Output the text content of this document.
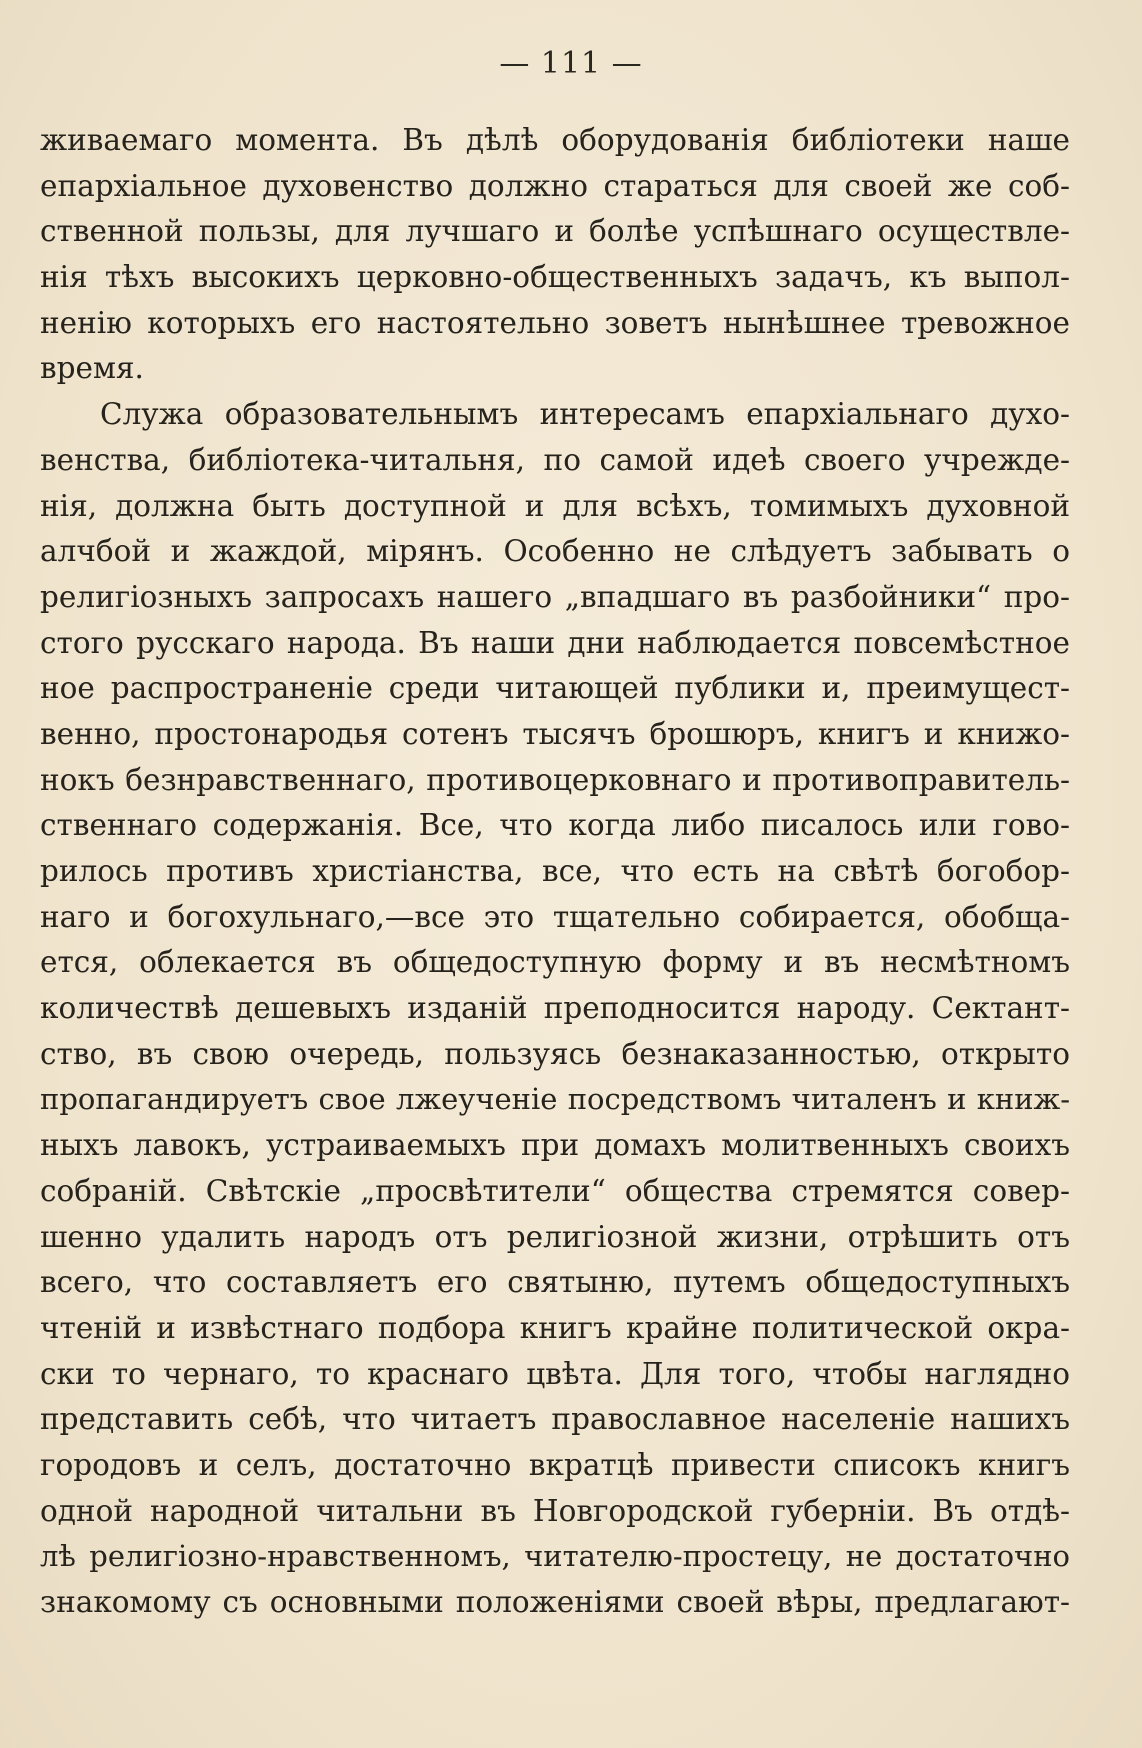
— 111 —
живаемаго момента. Въ дѣлѣ оборудованія библіотеки наше
епархіальное духовенство должно стараться для своей же соб-
ственной пользы, для лучшаго и болѣе успѣшнаго осуществле-
нія тѣхъ высокихъ церковно-общественныхъ задачъ, къ выпол-
ненію которыхъ его настоятельно зоветъ нынѣшнее тревожное
время.
Служа образовательнымъ интересамъ епархіальнаго духо-
венства, библіотека-читальня, по самой идеѣ своего учрежде-
нія, должна быть доступной и для всѣхъ, томимыхъ духовной
алчбой и жаждой, мірянъ. Особенно не слѣдуетъ забывать о
религіозныхъ запросахъ нашего „впадшаго въ разбойники“ про-
стого русскаго народа. Въ наши дни наблюдается повсемѣстное
ное распространеніе среди читающей публики и, преимущест-
венно, простонародья сотенъ тысячъ брошюръ, книгъ и книжо-
нокъ безнравственнаго, противоцерковнаго и противоправитель-
ственнаго содержанія. Все, что когда либо писалось или гово-
рилось противъ христіанства, все, что есть на свѣтѣ богобор-
наго и богохульнаго,—все это тщательно собирается, обобща-
ется, облекается въ общедоступную форму и въ несмѣтномъ
количествѣ дешевыхъ изданій преподносится народу. Сектант-
ство, въ свою очередь, пользуясь безнаказанностью, открыто
пропагандируетъ свое лжеученіе посредствомъ читаленъ и книж-
ныхъ лавокъ, устраиваемыхъ при домахъ молитвенныхъ своихъ
собраній. Свѣтскіе „просвѣтители“ общества стремятся совер-
шенно удалить народъ отъ религіозной жизни, отрѣшить отъ
всего, что составляетъ его святыню, путемъ общедоступныхъ
чтеній и извѣстнаго подбора книгъ крайне политической окра-
ски то чернаго, то краснаго цвѣта. Для того, чтобы наглядно
представить себѣ, что читаетъ православное населеніе нашихъ
городовъ и селъ, достаточно вкратцѣ привести списокъ книгъ
одной народной читальни въ Новгородской губерніи. Въ отдѣ-
лѣ религіозно-нравственномъ, читателю-простецу, не достаточно
знакомому съ основными положеніями своей вѣры, предлагают-
